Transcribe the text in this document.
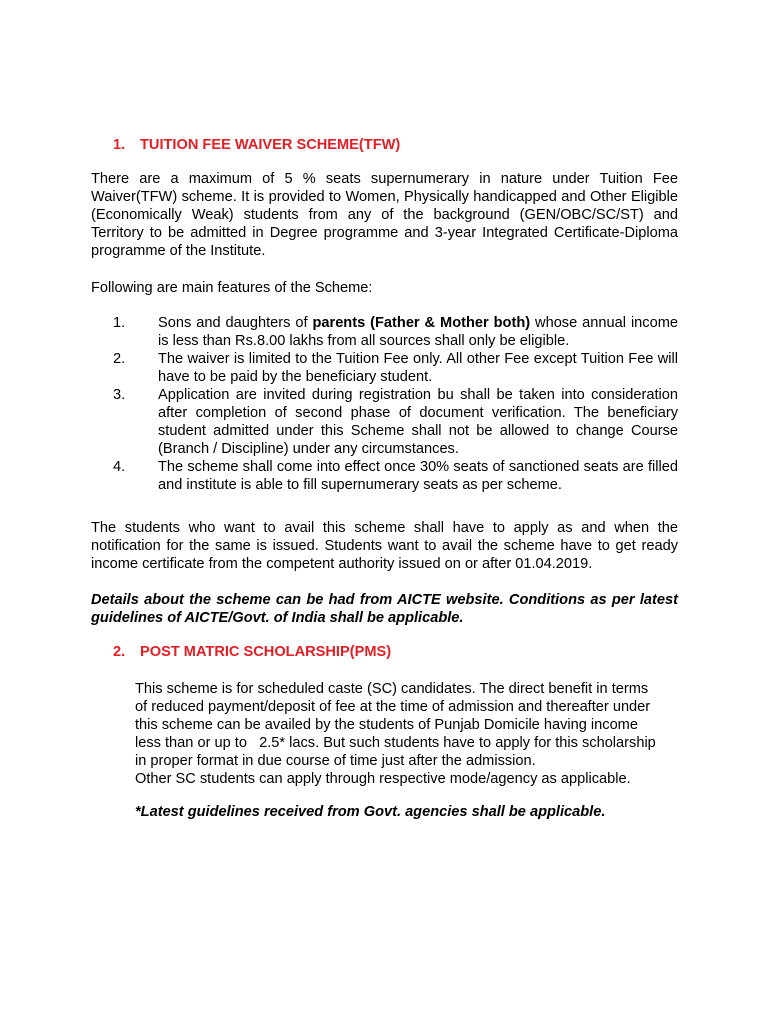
1. TUITION FEE WAIVER SCHEME(TFW)

There are a maximum of 5 % seats supernumerary in nature under Tuition Fee Waiver(TFW) scheme. It is provided to Women, Physically handicapped and Other Eligible (Economically Weak) students from any of the background (GEN/OBC/SC/ST) and Territory to be admitted in Degree programme and 3-year Integrated Certificate-Diploma programme of the Institute.

Following are main features of the Scheme:

1.	Sons and daughters of parents (Father & Mother both) whose annual income is less than Rs.8.00 lakhs from all sources shall only be eligible.
2.	The waiver is limited to the Tuition Fee only. All other Fee except Tuition Fee will have to be paid by the beneficiary student.
3.	Application are invited during registration bu shall be taken into consideration after completion of second phase of document verification. The beneficiary student admitted under this Scheme shall not be allowed to change Course (Branch / Discipline) under any circumstances.
4.	The scheme shall come into effect once 30% seats of sanctioned seats are filled and institute is able to fill supernumerary seats as per scheme.

The students who want to avail this scheme shall have to apply as and when the notification for the same is issued. Students want to avail the scheme have to get ready income certificate from the competent authority issued on or after 01.04.2019.

Details about the scheme can be had from AICTE website. Conditions as per latest guidelines of AICTE/Govt. of India shall be applicable.

2. POST MATRIC SCHOLARSHIP(PMS)
This scheme is for scheduled caste (SC) candidates. The direct benefit in terms
of reduced payment/deposit of fee at the time of admission and thereafter under
this scheme can be availed by the students of Punjab Domicile having income
less than or up to   2.5* lacs. But such students have to apply for this scholarship
in proper format in due course of time just after the admission.
Other SC students can apply through respective mode/agency as applicable.

*Latest guidelines received from Govt. agencies shall be applicable.
